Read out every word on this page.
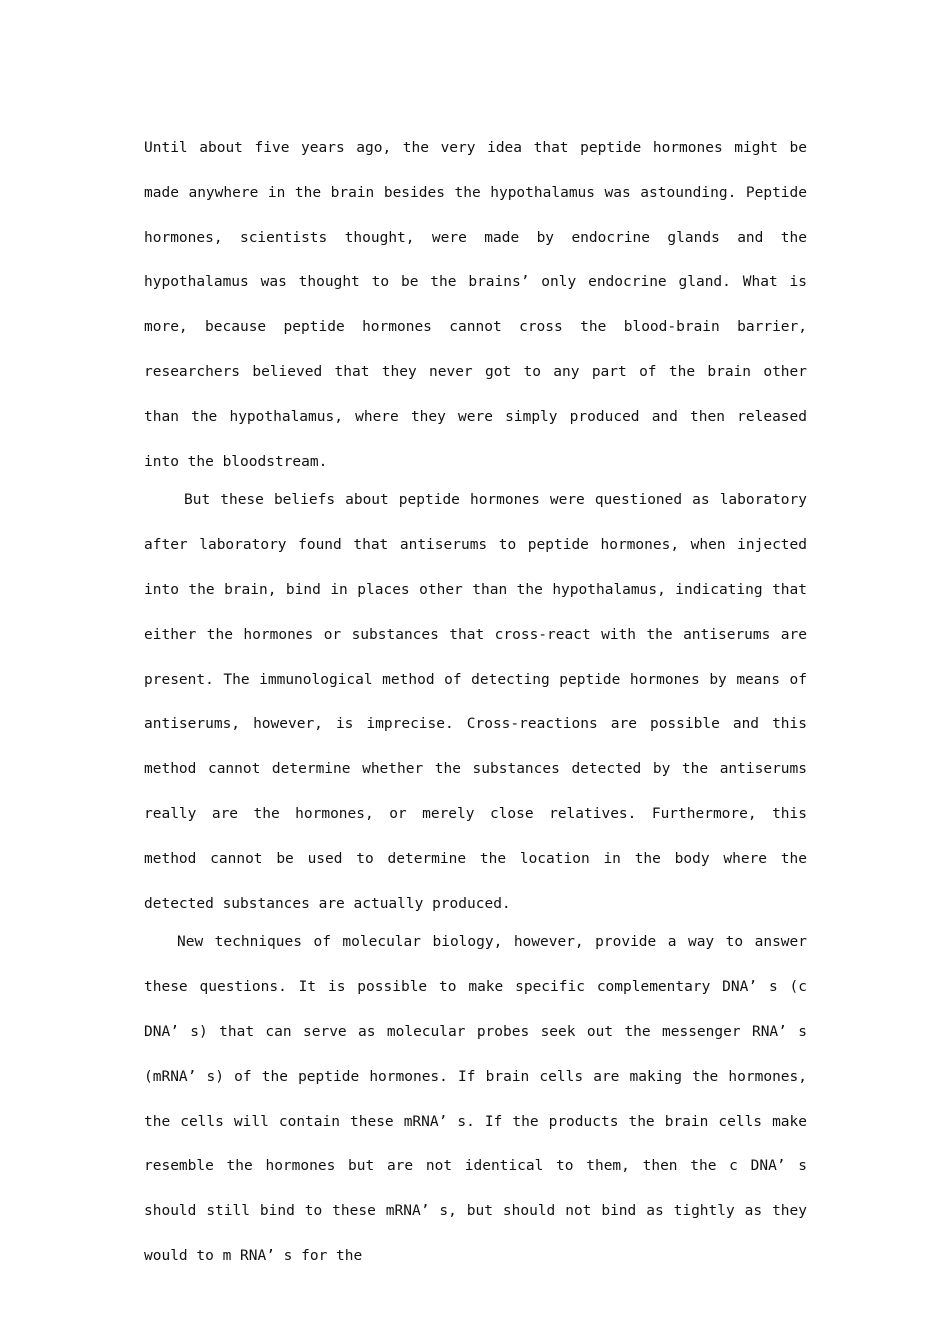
Until about five years ago, the very idea that peptide hormones might be made anywhere in the brain besides the hypothalamus was astounding. Peptide hormones, scientists thought, were made by endocrine glands and the hypothalamus was thought to be the brains’ only endocrine gland. What is more, because peptide hormones cannot cross the blood-brain barrier, researchers believed that they never got to any part of the brain other than the hypothalamus, where they were simply produced and then released into the bloodstream.

But these beliefs about peptide hormones were questioned as laboratory after laboratory found that antiserums to peptide hormones, when injected into the brain, bind in places other than the hypothalamus, indicating that either the hormones or substances that cross-react with the antiserums are present. The immunological method of detecting peptide hormones by means of antiserums, however, is imprecise. Cross-reactions are possible and this method cannot determine whether the substances detected by the antiserums really are the hormones, or merely close relatives. Furthermore, this method cannot be used to determine the location in the body where the detected substances are actually produced.

New techniques of molecular biology, however, provide a way to answer these questions. It is possible to make specific complementary DNA’ s (c DNA’ s) that can serve as molecular probes seek out the messenger RNA’ s (mRNA’ s) of the peptide hormones. If brain cells are making the hormones, the cells will contain these mRNA’ s. If the products the brain cells make resemble the hormones but are not identical to them, then the c DNA’ s should still bind to these mRNA’ s, but should not bind as tightly as they would to m RNA’ s for the
